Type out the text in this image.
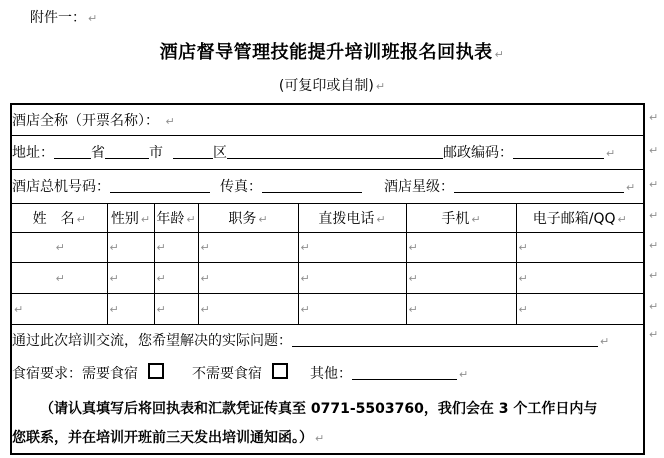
附件一： ↵
酒店督导管理技能提升培训班报名回执表 ↵
(可复印或自制) ↵
酒店全称（开票名称）： ↵						
地址： 省 市 区 邮政编码： ↵						
酒店总机号码： 传真： 酒店星级： ↵						
姓　名 ↵	性别 ↵	年龄 ↵	职务 ↵	直拨电话 ↵	手机 ↵	电子邮箱/QQ ↵
↵	↵	↵	↵	↵	↵	↵
↵	↵	↵	↵	↵	↵	↵
↵	↵	↵	↵	↵	↵	↵

通过此次培训交流，您希望解决的实际问题： ↵
食宿要求：需要食宿 不需要食宿 其他： ↵
（请认真填写后将回执表和汇款凭证传真至 0771-5503760，我们会在 3 个工作日内与
您联系，并在培训开班前三天发出培训通知函。） ↵						
↵
↵
↵
↵
↵
↵
↵
↵
